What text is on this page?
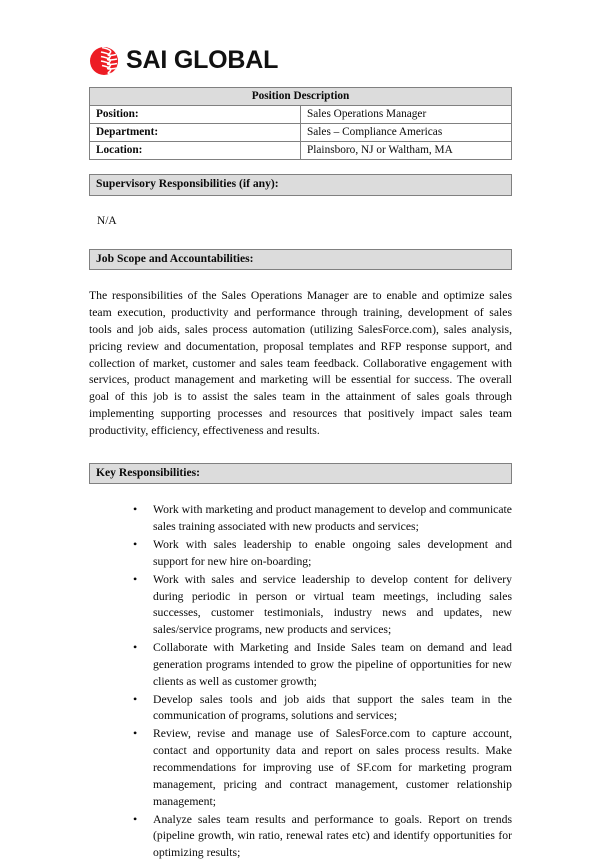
SAI GLOBAL
Position Description	
Position:	Sales Operations Manager
Department:	Sales – Compliance Americas
Location:	Plainsboro, NJ or Waltham, MA
Supervisory Responsibilities (if any):
N/A
Job Scope and Accountabilities:

The responsibilities of the Sales Operations Manager are to enable and optimize sales team execution, productivity and performance through training, development of sales tools and job aids, sales process automation (utilizing SalesForce.com), sales analysis, pricing review and documentation, proposal templates and RFP response support, and collection of market, customer and sales team feedback. Collaborative engagement with services, product management and marketing will be essential for success. The overall goal of this job is to assist the sales team in the attainment of sales goals through implementing supporting processes and resources that positively impact sales team productivity, efficiency, effectiveness and results.

Key Responsibilities:
• Work with marketing and product management to develop and communicate sales training associated with new products and services;
• Work with sales leadership to enable ongoing sales development and support for new hire on-boarding;
• Work with sales and service leadership to develop content for delivery during periodic in person or virtual team meetings, including sales successes, customer testimonials, industry news and updates, new sales/service programs, new products and services;
• Collaborate with Marketing and Inside Sales team on demand and lead generation programs intended to grow the pipeline of opportunities for new clients as well as customer growth;
• Develop sales tools and job aids that support the sales team in the communication of programs, solutions and services;
• Review, revise and manage use of SalesForce.com to capture account, contact and opportunity data and report on sales process results. Make recommendations for improving use of SF.com for marketing program management, pricing and contract management, customer relationship management;
• Analyze sales team results and performance to goals. Report on trends (pipeline growth, win ratio, renewal rates etc) and identify opportunities for optimizing results;
